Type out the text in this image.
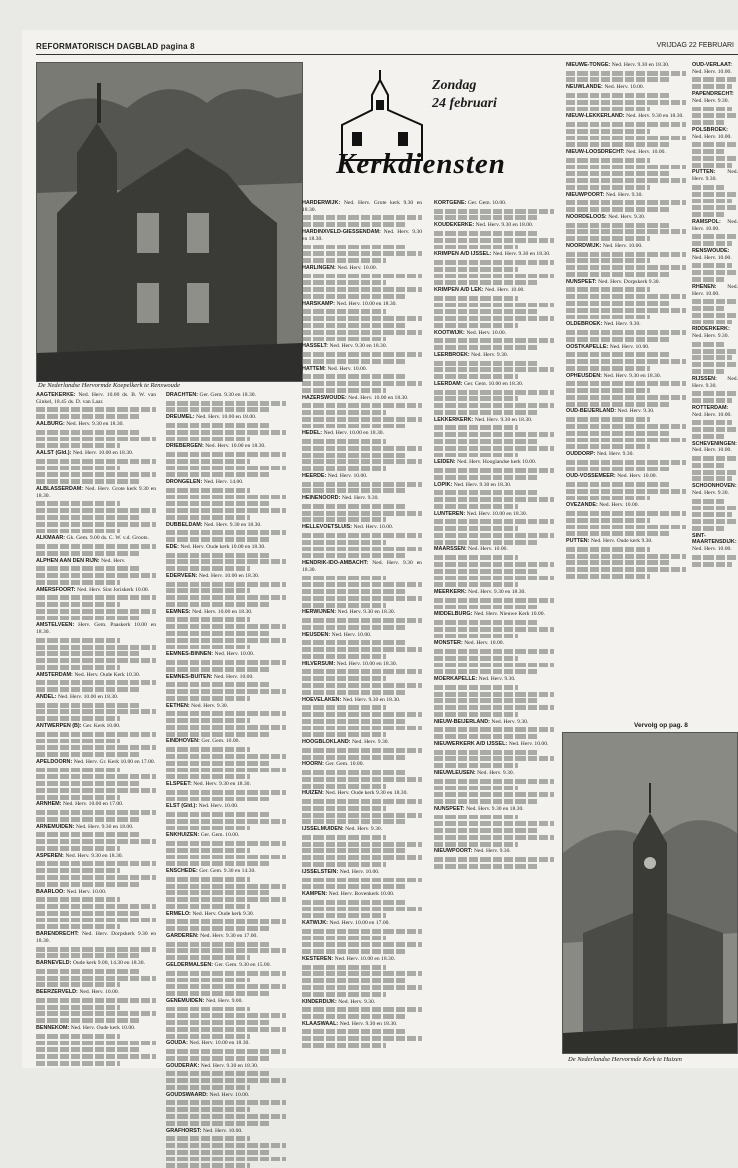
REFORMATORISCH DAGBLAD pagina 8	VRIJDAG 22 FEBRUARI
De Nederlandse Hervormde Koepelkerk te Renswoude
Zondag
24 februari
Kerkdiensten
AAGTEKERKE: Ned. Herv. 10.00 ds. B. W. van Ginkel, 18.45 ds. D. van Laar.
AALBURG: Ned. Herv. 9.30 en 18.30.
AALST (Gld.): Ned. Herv. 10.00 en 18.30.
ALBLASSERDAM: Ned. Herv. Grote kerk 9.30 en 18.30.
ALKMAAR: Gk. Gem. 9.00 ds. C. W. v.d. Groots.
ALPHEN AAN DEN RIJN: Ned. Herv.
AMERSFOORT: Ned. Herv. Sint Joriskerk 10.00.
AMSTELVEEN: Herv. Gem. Paaskerk 10.00 en 18.30.
AMSTERDAM: Ned. Herv. Oude Kerk 10.30.
ANDEL: Ned. Herv. 10.00 en 18.30.
ANTWERPEN (B): Ger. Kerk 10.00.
APELDOORN: Ned. Herv. Gr. Kerk 10.00 en 17.00.
ARNHEM: Ned. Herv. 10.00 en 17.00.
ARNEMUIDEN: Ned. Herv. 9.30 en 18.00.
ASPEREN: Ned. Herv. 9.30 en 18.30.
BAARLOO: Ned. Herv. 10.00.
BARENDRECHT: Ned. Herv. Dorpskerk 9.30 en 18.30.
BARNEVELD: Oude kerk 9.00, 14.30 en 18.30.
BEERZERVELD: Ned. Herv. 10.00.
BENNEKOM: Ned. Herv. Oude kerk 10.00.
DRACHTEN: Ger. Gem. 9.30 en 18.30.
DREUMEL: Ned. Herv. 10.00 en 18.00.
DRIEBERGEN: Ned. Herv. 10.00 en 18.30.
DRONGELEN: Ned. Herv. 14.00.
DUBBELDAM: Ned. Herv. 9.30 en 18.30.
EDE: Ned. Herv. Oude kerk 10.00 en 18.30.
EDERVEEN: Ned. Herv. 10.00 en 18.30.
EEMNES: Ned. Herv. 10.00 en 18.30.
EEMNES-BINNEN: Ned. Herv. 10.00.
EEMNES-BUITEN: Ned. Herv. 10.00.
EETHEN: Ned. Herv. 9.30.
EINDHOVEN: Ger. Gem. 10.00.
ELSPEET: Ned. Herv. 9.30 en 18.30.
ELST (Gld.): Ned. Herv. 10.00.
ENKHUIZEN: Ger. Gem. 10.00.
ENSCHEDE: Ger. Gem. 9.30 en 14.30.
ERMELO: Ned. Herv. Oude kerk 9.30.
GARDEREN: Ned. Herv. 9.30 en 17.00.
GELDERMALSEN: Ger. Gem. 9.30 en 15.00.
GENEMUIDEN: Ned. Herv. 9.00.
GOUDA: Ned. Herv. 10.00 en 18.30.
GOUDERAK: Ned. Herv. 9.30 en 18.30.
GOUDSWAARD: Ned. Herv. 10.00.
GRAFHORST: Ned. Herv. 10.00.
HARDERWIJK: Ned. Herv. Grote kerk 9.30 en 18.30.
HARDINXVELD-GIESSENDAM: Ned. Herv. 9.30 en 18.30.
HARLINGEN: Ned. Herv. 10.00.
HARSKAMP: Ned. Herv. 10.00 en 18.30.
HASSELT: Ned. Herv. 9.30 en 18.30.
HATTEM: Ned. Herv. 10.00.
HAZERSWOUDE: Ned. Herv. 10.00 en 18.30.
HEDEL: Ned. Herv. 10.00 en 18.30.
HEERDE: Ned. Herv. 10.00.
HEINENOORD: Ned. Herv. 9.30.
HELLEVOETSLUIS: Ned. Herv. 10.00.
HENDRIK-IDO-AMBACHT: Ned. Herv. 9.30 en 18.30.
HERWIJNEN: Ned. Herv. 9.30 en 18.30.
HEUSDEN: Ned. Herv. 10.00.
HILVERSUM: Ned. Herv. 10.00 en 18.30.
HOEVELAKEN: Ned. Herv. 9.30 en 18.30.
HOOGBLOKLAND: Ned. Herv. 9.30.
HOORN: Ger. Gem. 10.00.
HUIZEN: Ned. Herv. Oude kerk 9.30 en 18.30.
IJSSELMUIDEN: Ned. Herv. 9.30.
IJSSELSTEIN: Ned. Herv. 10.00.
KAMPEN: Ned. Herv. Bovenkerk 10.00.
KATWIJK: Ned. Herv. 10.00 en 17.00.
KESTEREN: Ned. Herv. 10.00 en 18.30.
KINDERDIJK: Ned. Herv. 9.30.
KLAASWAAL: Ned. Herv. 9.30 en 18.30.
KORTGENE: Ger. Gem. 10.00.
KOUDEKERKE: Ned. Herv. 9.30 en 18.00.
KRIMPEN A/D IJSSEL: Ned. Herv. 9.30 en 18.30.
KRIMPEN A/D LEK: Ned. Herv. 10.00.
KOOTWIJK: Ned. Herv. 10.00.
LEERBROEK: Ned. Herv. 9.30.
LEERDAM: Ger. Gem. 10.00 en 18.30.
LEKKERKERK: Ned. Herv. 9.30 en 18.30.
LEIDEN: Ned. Herv. Hooglandse kerk 10.00.
LOPIK: Ned. Herv. 9.30 en 18.30.
LUNTEREN: Ned. Herv. 10.00 en 18.30.
MAARSSEN: Ned. Herv. 10.00.
MEERKERK: Ned. Herv. 9.30 en 18.30.
MIDDELBURG: Ned. Herv. Nieuwe Kerk 10.00.
MONSTER: Ned. Herv. 10.00.
MOERKAPELLE: Ned. Herv. 9.30.
NIEUW-BEIJERLAND: Ned. Herv. 9.30.
NIEUWERKERK A/D IJSSEL: Ned. Herv. 10.00.
NIEUWLEUSEN: Ned. Herv. 9.30.
NUNSPEET: Ned. Herv. 9.30 en 18.30.
NIEUWPOORT: Ned. Herv. 9.30.
NIEUWE-TONGE: Ned. Herv. 9.30 en 18.30.
NEUWLANDE: Ned. Herv. 10.00.
NIEUW-LEKKERLAND: Ned. Herv. 9.30 en 18.30.
NIEUW-LOOSDRECHT: Ned. Herv. 10.00.
NIEUWPOORT: Ned. Herv. 9.30.
NOORDELOOS: Ned. Herv. 9.30.
NOORDWIJK: Ned. Herv. 10.00.
NUNSPEET: Ned. Herv. Dorpskerk 9.30.
OLDEBROEK: Ned. Herv. 9.30.
OOSTKAPELLE: Ned. Herv. 10.00.
OPHEUSDEN: Ned. Herv. 9.30 en 18.30.
OUD-BEIJERLAND: Ned. Herv. 9.30.
OUDDORP: Ned. Herv. 9.30.
OUD-VOSSEMEER: Ned. Herv. 10.00.
OVEZANDE: Ned. Herv. 10.00.
PUTTEN: Ned. Herv. Oude kerk 9.30.
OUD-VERLAAT: Ned. Herv. 10.00.
PAPENDRECHT: Ned. Herv. 9.30.
POLSBROEK: Ned. Herv. 10.00.
PUTTEN: Ned. Herv. 9.30.
RAMSPOL: Ned. Herv. 10.00.
RENSWOUDE: Ned. Herv. 10.00.
RHENEN: Ned. Herv. 10.00.
RIDDERKERK: Ned. Herv. 9.30.
RIJSSEN: Ned. Herv. 9.30.
ROTTERDAM: Ned. Herv. 10.00.
SCHEVENINGEN: Ned. Herv. 10.00.
SCHOONHOVEN: Ned. Herv. 9.30.
SINT-MAARTENSDIJK: Ned. Herv. 10.00.
Vervolg op pag. 8
De Nederlandse Hervormde Kerk te Huizen
